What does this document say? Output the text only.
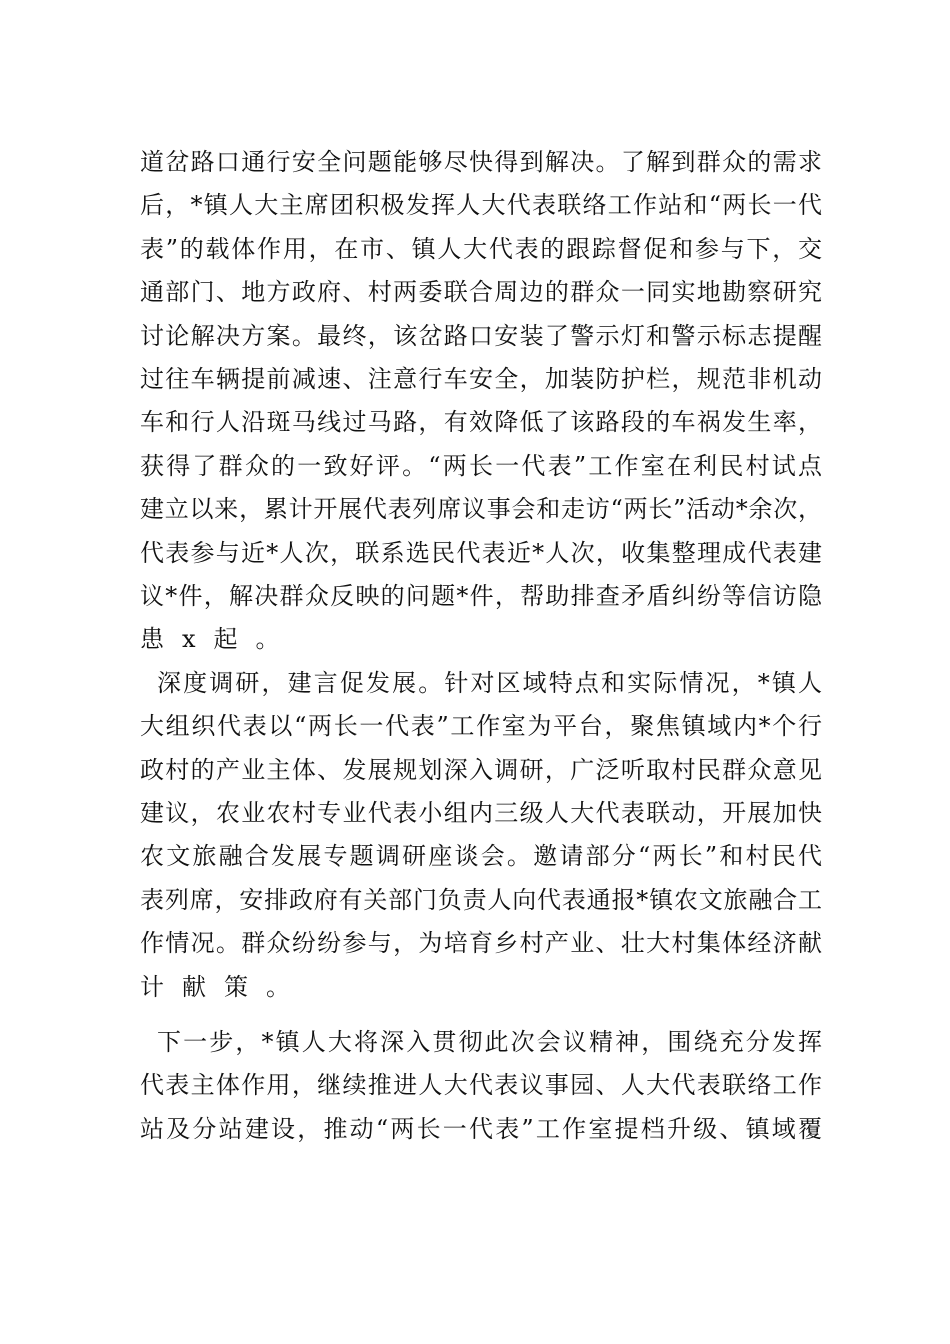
道岔路口通行安全问题能够尽快得到解决。了解到群众的需求
后，*镇人大主席团积极发挥人大代表联络工作站和“两长一代
表”的载体作用，在市、镇人大代表的跟踪督促和参与下，交
通部门、地方政府、村两委联合周边的群众一同实地勘察研究
讨论解决方案。最终，该岔路口安装了警示灯和警示标志提醒
过往车辆提前减速、注意行车安全，加装防护栏，规范非机动
车和行人沿斑马线过马路，有效降低了该路段的车祸发生率，
获得了群众的一致好评。“两长一代表”工作室在利民村试点
建立以来，累计开展代表列席议事会和走访“两长”活动*余次，
代表参与近*人次，联系选民代表近*人次，收集整理成代表建
议*件，解决群众反映的问题*件，帮助排查矛盾纠纷等信访隐
患x起。
深度调研，建言促发展。针对区域特点和实际情况，*镇人
大组织代表以“两长一代表”工作室为平台，聚焦镇域内*个行
政村的产业主体、发展规划深入调研，广泛听取村民群众意见
建议，农业农村专业代表小组内三级人大代表联动，开展加快
农文旅融合发展专题调研座谈会。邀请部分“两长”和村民代
表列席，安排政府有关部门负责人向代表通报*镇农文旅融合工
作情况。群众纷纷参与，为培育乡村产业、壮大村集体经济献
计献策。
下一步，*镇人大将深入贯彻此次会议精神，围绕充分发挥
代表主体作用，继续推进人大代表议事园、人大代表联络工作
站及分站建设，推动“两长一代表”工作室提档升级、镇域覆
